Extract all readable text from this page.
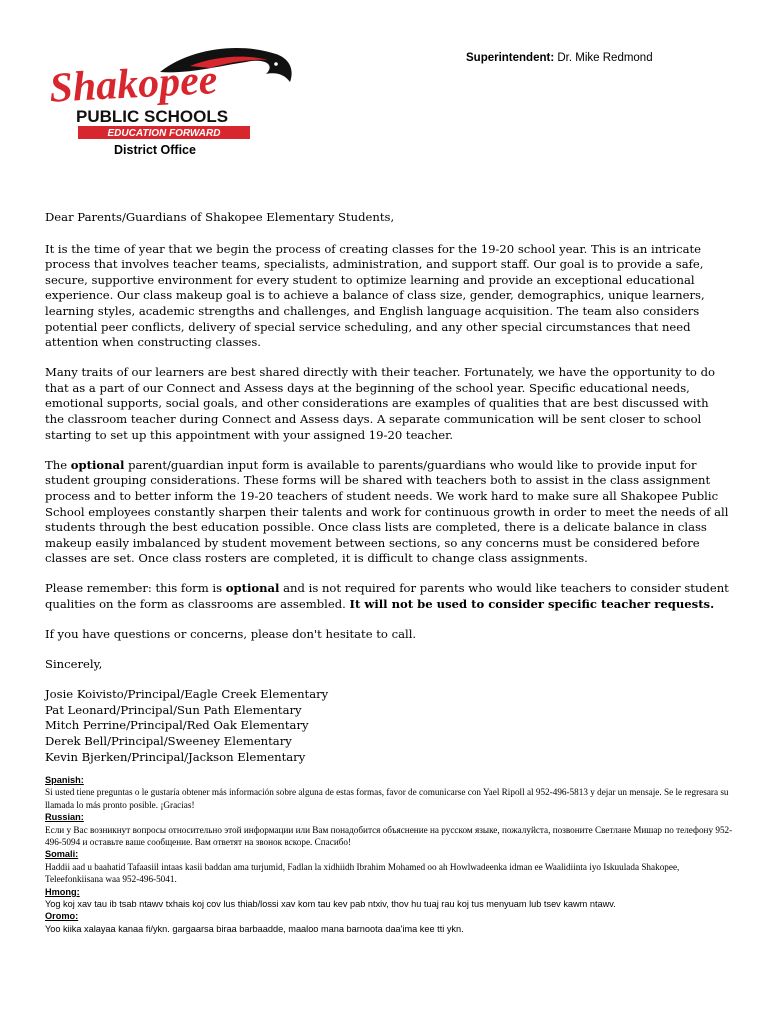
Superintendent: Dr. Mike Redmond
Shakopee
PUBLIC SCHOOLS
EDUCATION FORWARD
District Office

Dear Parents/Guardians of Shakopee Elementary Students,

It is the time of year that we begin the process of creating classes for the 19-20 school year. This is an intricate process that involves teacher teams, specialists, administration, and support staff. Our goal is to provide a safe, secure, supportive environment for every student to optimize learning and provide an exceptional educational experience. Our class makeup goal is to achieve a balance of class size, gender, demographics, unique learners, learning styles, academic strengths and challenges, and English language acquisition. The team also considers potential peer conflicts, delivery of special service scheduling, and any other special circumstances that need attention when constructing classes.

Many traits of our learners are best shared directly with their teacher. Fortunately, we have the opportunity to do that as a part of our Connect and Assess days at the beginning of the school year. Specific educational needs, emotional supports, social goals, and other considerations are examples of qualities that are best discussed with the classroom teacher during Connect and Assess days. A separate communication will be sent closer to school starting to set up this appointment with your assigned 19-20 teacher.

The optional parent/guardian input form is available to parents/guardians who would like to provide input for student grouping considerations. These forms will be shared with teachers both to assist in the class assignment process and to better inform the 19-20 teachers of student needs. We work hard to make sure all Shakopee Public School employees constantly sharpen their talents and work for continuous growth in order to meet the needs of all students through the best education possible. Once class lists are completed, there is a delicate balance in class makeup easily imbalanced by student movement between sections, so any concerns must be considered before classes are set. Once class rosters are completed, it is difficult to change class assignments.

Please remember: this form is optional and is not required for parents who would like teachers to consider student qualities on the form as classrooms are assembled. It will not be used to consider specific teacher requests.

If you have questions or concerns, please don't hesitate to call.

Sincerely,

Josie Koivisto/Principal/Eagle Creek Elementary
Pat Leonard/Principal/Sun Path Elementary
Mitch Perrine/Principal/Red Oak Elementary
Derek Bell/Principal/Sweeney Elementary
Kevin Bjerken/Principal/Jackson Elementary
Spanish:
Si usted tiene preguntas o le gustaría obtener más información sobre alguna de estas formas, favor de comunicarse con Yael Ripoll al 952-496-5813 y dejar un mensaje. Se le regresara su llamada lo más pronto posible. ¡Gracias!
Russian:
Если у Вас возникнут вопросы относительно этой информации или Вам понадобится объяснение на русском языке, пожалуйста, позвоните Светлане Мишар по телефону 952-496-5094 и оставьте ваше сообщение. Вам ответят на звонок вскоре. Спасибо!
Somali:
Haddii aad u baahatid Tafaasiil intaas kasii baddan ama turjumid, Fadlan la xidhiidh Ibrahim Mohamed oo ah Howlwadeenka idman ee Waalidiinta iyo Iskuulada Shakopee, Teleefonkiisana waa 952-496-5041.
Hmong:
Yog koj xav tau ib tsab ntawv txhais koj cov lus thiab/lossi xav kom tau kev pab ntxiv, thov hu tuaj rau koj tus menyuam lub tsev kawm ntawv.
Oromo:
Yoo kiika xalayaa kanaa fi/ykn. gargaarsa biraa barbaadde, maaloo mana barnoota daa'ima kee tti ykn.
